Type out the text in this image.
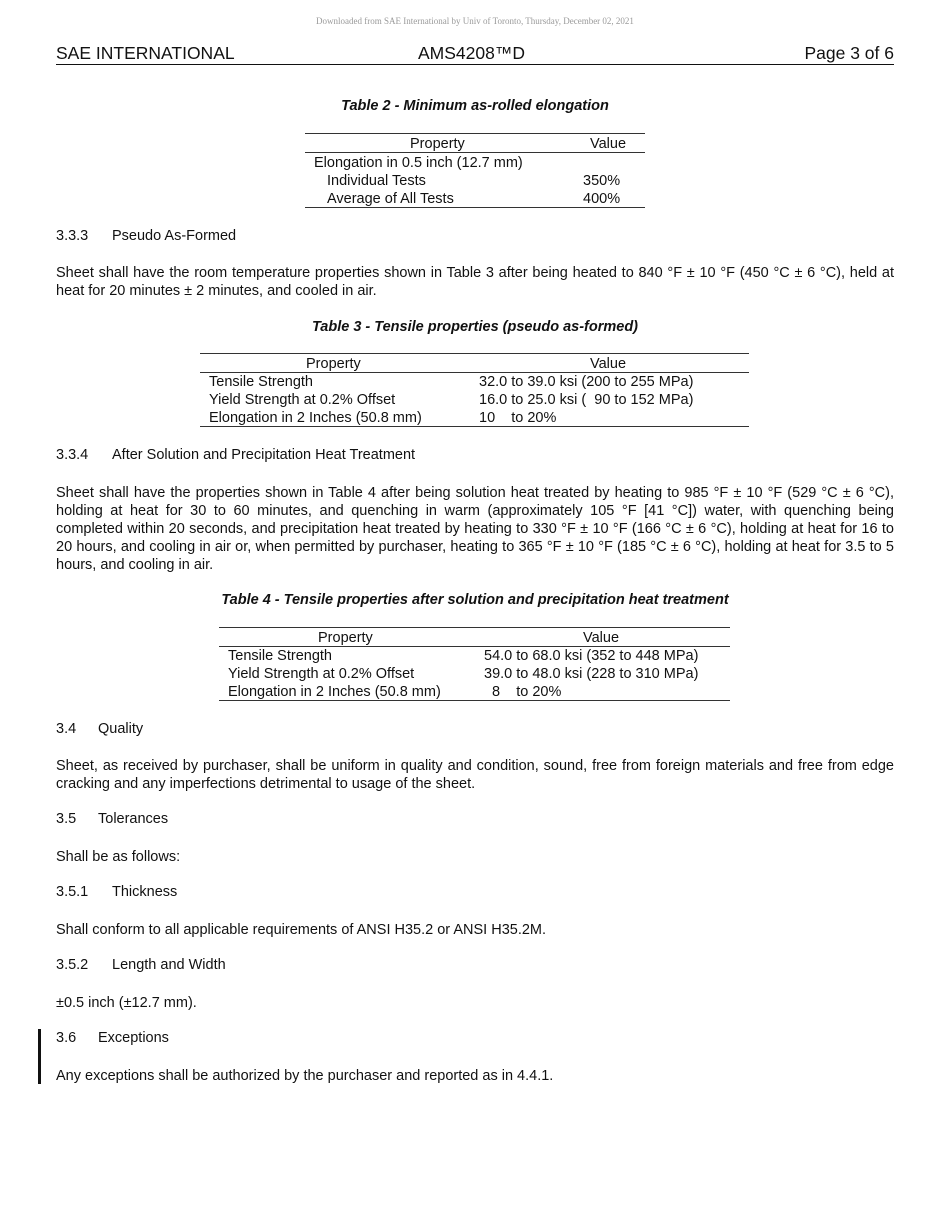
Downloaded from SAE International by Univ of Toronto, Thursday, December 02, 2021
SAE INTERNATIONAL	AMS4208™D	Page 3 of 6
Table 2 - Minimum as-rolled elongation
Property	Value
Elongation in 0.5 inch (12.7 mm)
Individual Tests	350%
Average of All Tests	400%
3.3.3 Pseudo As-Formed
Sheet shall have the room temperature properties shown in Table 3 after being heated to 840 °F ± 10 °F (450 °C ± 6 °C), held at heat for 20 minutes ± 2 minutes, and cooled in air.
Table 3 - Tensile properties (pseudo as-formed)
Property	Value
Tensile Strength	32.0 to 39.0 ksi (200 to 255 MPa)
Yield Strength at 0.2% Offset	16.0 to 25.0 ksi (  90 to 152 MPa)
Elongation in 2 Inches (50.8 mm)	10    to 20%
3.3.4 After Solution and Precipitation Heat Treatment
Sheet shall have the properties shown in Table 4 after being solution heat treated by heating to 985 °F ± 10 °F (529 °C ± 6 °C), holding at heat for 30 to 60 minutes, and quenching in warm (approximately 105 °F [41 °C]) water, with quenching being completed within 20 seconds, and precipitation heat treated by heating to 330 °F ± 10 °F (166 °C ± 6 °C), holding at heat for 16 to 20 hours, and cooling in air or, when permitted by purchaser, heating to 365 °F ± 10 °F (185 °C ± 6 °C), holding at heat for 3.5 to 5 hours, and cooling in air.
Table 4 - Tensile properties after solution and precipitation heat treatment
Property	Value
Tensile Strength	54.0 to 68.0 ksi (352 to 448 MPa)
Yield Strength at 0.2% Offset	39.0 to 48.0 ksi (228 to 310 MPa)
Elongation in 2 Inches (50.8 mm)	8    to 20%
3.4 Quality
Sheet, as received by purchaser, shall be uniform in quality and condition, sound, free from foreign materials and free from edge cracking and any imperfections detrimental to usage of the sheet.
3.5 Tolerances
Shall be as follows:
3.5.1 Thickness
Shall conform to all applicable requirements of ANSI H35.2 or ANSI H35.2M.
3.5.2 Length and Width
±0.5 inch (±12.7 mm).
3.6 Exceptions
Any exceptions shall be authorized by the purchaser and reported as in 4.4.1.
